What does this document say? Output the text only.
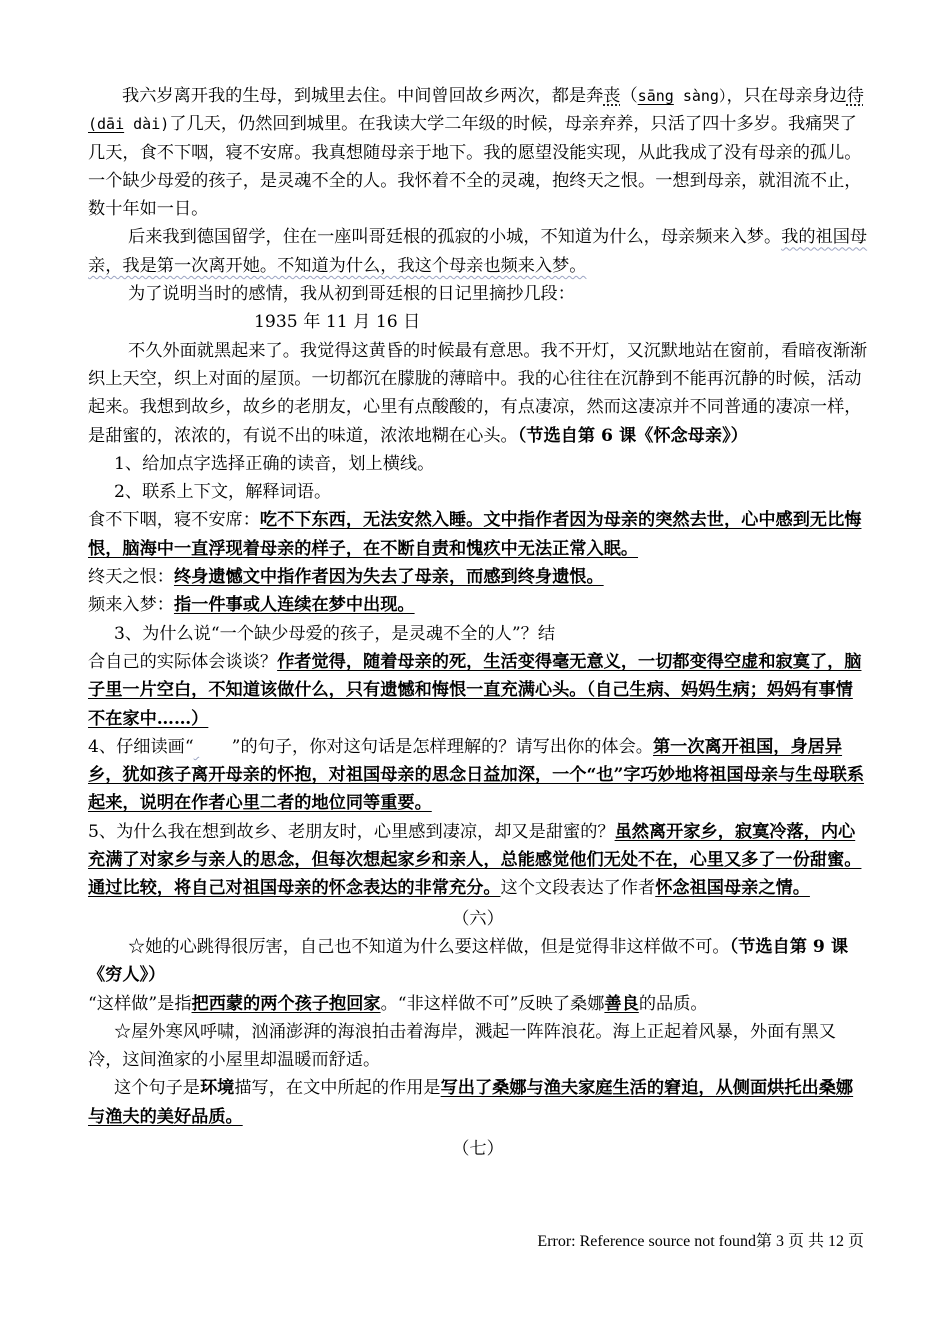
我六岁离开我的生母，到城里去住。中间曾回故乡两次，都是奔丧（sāng sàng），只在母亲身边待(dāi dài)了几天，仍然回到城里。在我读大学二年级的时候，母亲弃养，只活了四十多岁。我痛哭了几天，食不下咽，寝不安席。我真想随母亲于地下。我的愿望没能实现，从此我成了没有母亲的孤儿。一个缺少母爱的孩子，是灵魂不全的人。我怀着不全的灵魂，抱终天之恨。一想到母亲，就泪流不止，数十年如一日。

后来我到德国留学，住在一座叫哥廷根的孤寂的小城，不知道为什么，母亲频来入梦。我的祖国母亲，我是第一次离开她。不知道为什么，我这个母亲也频来入梦。

为了说明当时的感情，我从初到哥廷根的日记里摘抄几段：

1935 年 11 月 16 日

不久外面就黑起来了。我觉得这黄昏的时候最有意思。我不开灯，又沉默地站在窗前，看暗夜渐渐织上天空，织上对面的屋顶。一切都沉在朦胧的薄暗中。我的心往往在沉静到不能再沉静的时候，活动起来。我想到故乡，故乡的老朋友，心里有点酸酸的，有点凄凉，然而这凄凉并不同普通的凄凉一样，是甜蜜的，浓浓的，有说不出的味道，浓浓地糊在心头。（节选自第 6 课《怀念母亲》）

1、给加点字选择正确的读音，划上横线。

2、联系上下文，解释词语。

食不下咽，寝不安席：吃不下东西，无法安然入睡。文中指作者因为母亲的突然去世，心中感到无比悔恨，脑海中一直浮现着母亲的样子，在不断自责和愧疚中无法正常入眠。

终天之恨：终身遗憾文中指作者因为失去了母亲，而感到终身遗恨。

频来入梦：指一件事或人连续在梦中出现。

3、为什么说“一个缺少母爱的孩子，是灵魂不全的人”？结

合自己的实际体会谈谈？作者觉得，随着母亲的死，生活变得毫无意义，一切都变得空虚和寂寞了，脑子里一片空白，不知道该做什么，只有遗憾和悔恨一直充满心头。（自己生病、妈妈生病；妈妈有事情不在家中……）

4、仔细读画“ ”的句子，你对这句话是怎样理解的？请写出你的体会。第一次离开祖国，身居异乡，犹如孩子离开母亲的怀抱，对祖国母亲的思念日益加深，一个“也”字巧妙地将祖国母亲与生母联系起来，说明在作者心里二者的地位同等重要。

5、为什么我在想到故乡、老朋友时，心里感到凄凉，却又是甜蜜的？虽然离开家乡，寂寞冷落，内心充满了对家乡与亲人的思念，但每次想起家乡和亲人，总能感觉他们无处不在，心里又多了一份甜蜜。通过比较，将自己对祖国母亲的怀念表达的非常充分。这个文段表达了作者怀念祖国母亲之情。

（六）

☆她的心跳得很厉害，自己也不知道为什么要这样做，但是觉得非这样做不可。（节选自第 9 课《穷人》）

“这样做”是指把西蒙的两个孩子抱回家。“非这样做不可”反映了桑娜善良的品质。

☆屋外寒风呼啸，汹涌澎湃的海浪拍击着海岸，溅起一阵阵浪花。海上正起着风暴，外面有黑又冷，这间渔家的小屋里却温暖而舒适。

这个句子是环境描写，在文中所起的作用是写出了桑娜与渔夫家庭生活的窘迫，从侧面烘托出桑娜与渔夫的美好品质。

（七）

Error: Reference source not found第 3 页 共 12 页
